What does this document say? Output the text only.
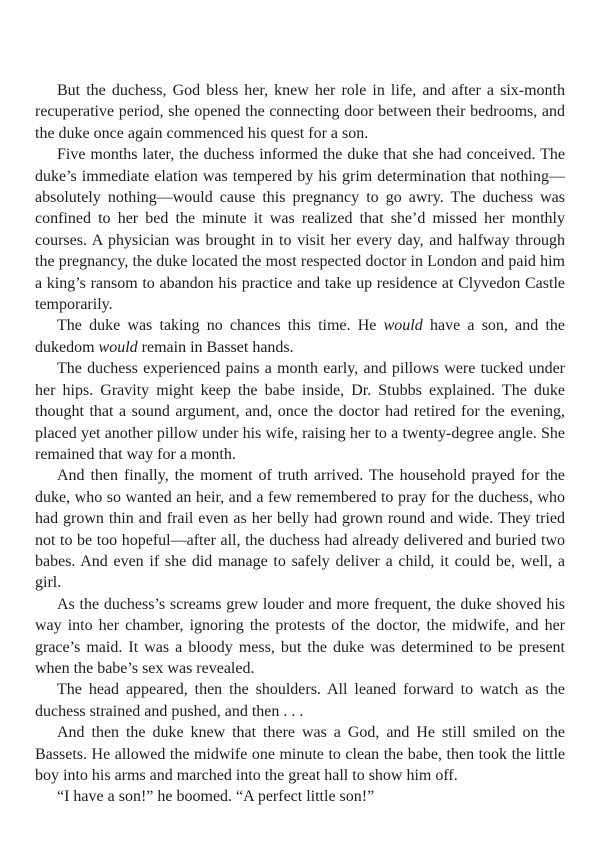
But the duchess, God bless her, knew her role in life, and after a six-month recuperative period, she opened the connecting door between their bedrooms, and the duke once again commenced his quest for a son.

Five months later, the duchess informed the duke that she had conceived. The duke’s immediate elation was tempered by his grim determination that nothing—absolutely nothing—would cause this pregnancy to go awry. The duchess was confined to her bed the minute it was realized that she’d missed her monthly courses. A physician was brought in to visit her every day, and halfway through the pregnancy, the duke located the most respected doctor in London and paid him a king’s ransom to abandon his practice and take up residence at Clyvedon Castle temporarily.

The duke was taking no chances this time. He would have a son, and the dukedom would remain in Basset hands.

The duchess experienced pains a month early, and pillows were tucked under her hips. Gravity might keep the babe inside, Dr. Stubbs explained. The duke thought that a sound argument, and, once the doctor had retired for the evening, placed yet another pillow under his wife, raising her to a twenty-degree angle. She remained that way for a month.

And then finally, the moment of truth arrived. The household prayed for the duke, who so wanted an heir, and a few remembered to pray for the duchess, who had grown thin and frail even as her belly had grown round and wide. They tried not to be too hopeful—after all, the duchess had already delivered and buried two babes. And even if she did manage to safely deliver a child, it could be, well, a girl.

As the duchess’s screams grew louder and more frequent, the duke shoved his way into her chamber, ignoring the protests of the doctor, the midwife, and her grace’s maid. It was a bloody mess, but the duke was determined to be present when the babe’s sex was revealed.

The head appeared, then the shoulders. All leaned forward to watch as the duchess strained and pushed, and then . . .

And then the duke knew that there was a God, and He still smiled on the Bassets. He allowed the midwife one minute to clean the babe, then took the little boy into his arms and marched into the great hall to show him off.

“I have a son!” he boomed. “A perfect little son!”
